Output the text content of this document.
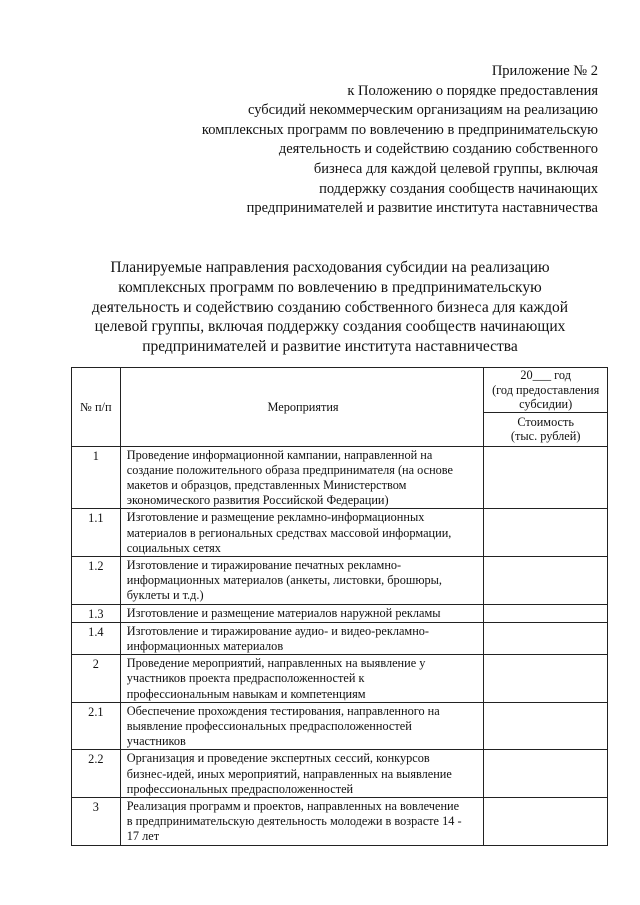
Приложение № 2
к Положению о порядке предоставления
субсидий некоммерческим организациям на реализацию
комплексных программ по вовлечению в предпринимательскую
деятельность и содействию созданию собственного
бизнеса для каждой целевой группы, включая
поддержку создания сообществ начинающих
предпринимателей и развитие института наставничества
Планируемые направления расходования субсидии на реализацию
комплексных программ по вовлечению в предпринимательскую
деятельность и содействию созданию собственного бизнеса для каждой
целевой группы, включая поддержку создания сообществ начинающих
предпринимателей и развитие института наставничества
№ п/п	Мероприятия	20___ год
(год предоставления
субсидии)

		Стоимость
(тыс. рублей)

1	Проведение информационной кампании, направленной на
создание положительного образа предпринимателя (на основе
макетов и образцов, представленных Министерством
экономического развития Российской Федерации)	

1.1	Изготовление и размещение рекламно-информационных
материалов в региональных средствах массовой информации,
социальных сетях	

1.2	Изготовление и тиражирование печатных рекламно-
информационных материалов (анкеты, листовки, брошюры,
буклеты и т.д.)	

1.3	Изготовление и размещение материалов наружной рекламы	

1.4	Изготовление и тиражирование аудио- и видео-рекламно-
информационных материалов	

2	Проведение мероприятий, направленных на выявление у
участников проекта предрасположенностей к
профессиональным навыкам и компетенциям	

2.1	Обеспечение прохождения тестирования, направленного на
выявление профессиональных предрасположенностей
участников	

2.2	Организация и проведение экспертных сессий, конкурсов
бизнес-идей, иных мероприятий, направленных на выявление
профессиональных предрасположенностей	

3	Реализация программ и проектов, направленных на вовлечение
в предпринимательскую деятельность молодежи в возрасте 14 -
17 лет	
